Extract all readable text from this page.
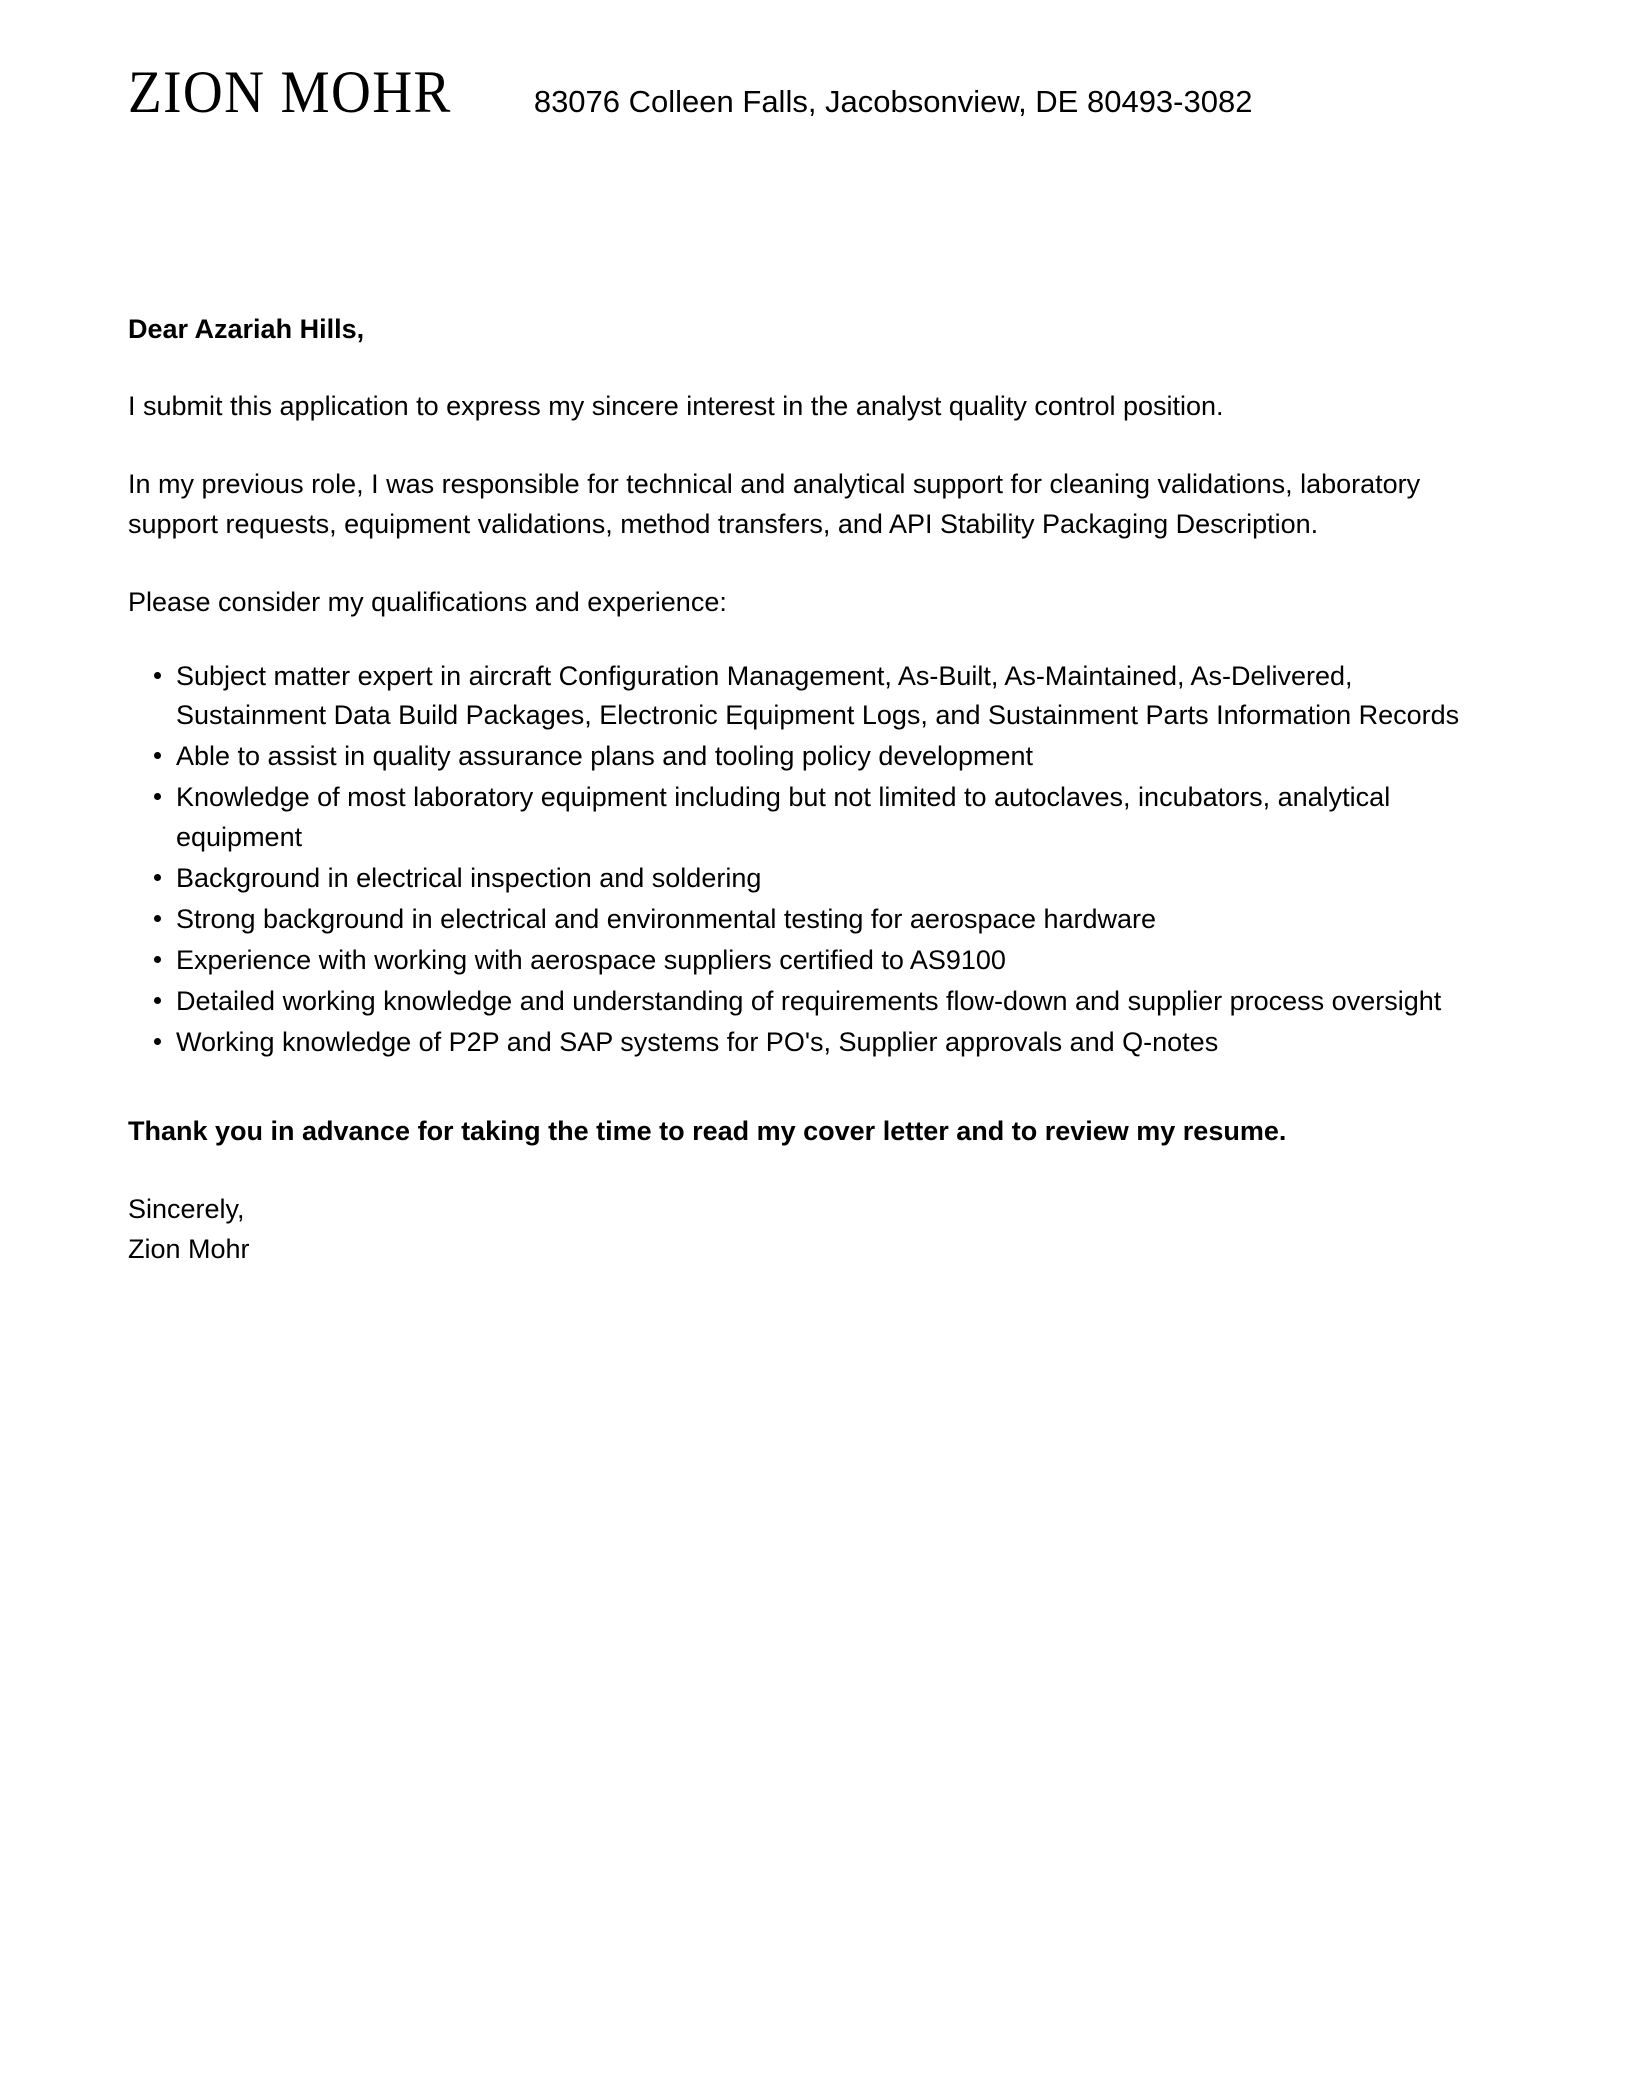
ZION MOHR	83076 Colleen Falls, Jacobsonview, DE 80493-3082

Dear Azariah Hills,

I submit this application to express my sincere interest in the analyst quality control position.

In my previous role, I was responsible for technical and analytical support for cleaning validations, laboratory support requests, equipment validations, method transfers, and API Stability Packaging Description.

Please consider my qualifications and experience:

Subject matter expert in aircraft Configuration Management, As-Built, As-Maintained, As-Delivered, Sustainment Data Build Packages, Electronic Equipment Logs, and Sustainment Parts Information Records
Able to assist in quality assurance plans and tooling policy development
Knowledge of most laboratory equipment including but not limited to autoclaves, incubators, analytical equipment
Background in electrical inspection and soldering
Strong background in electrical and environmental testing for aerospace hardware
Experience with working with aerospace suppliers certified to AS9100
Detailed working knowledge and understanding of requirements flow-down and supplier process oversight
Working knowledge of P2P and SAP systems for PO's, Supplier approvals and Q-notes

Thank you in advance for taking the time to read my cover letter and to review my resume.

Sincerely,
Zion Mohr
